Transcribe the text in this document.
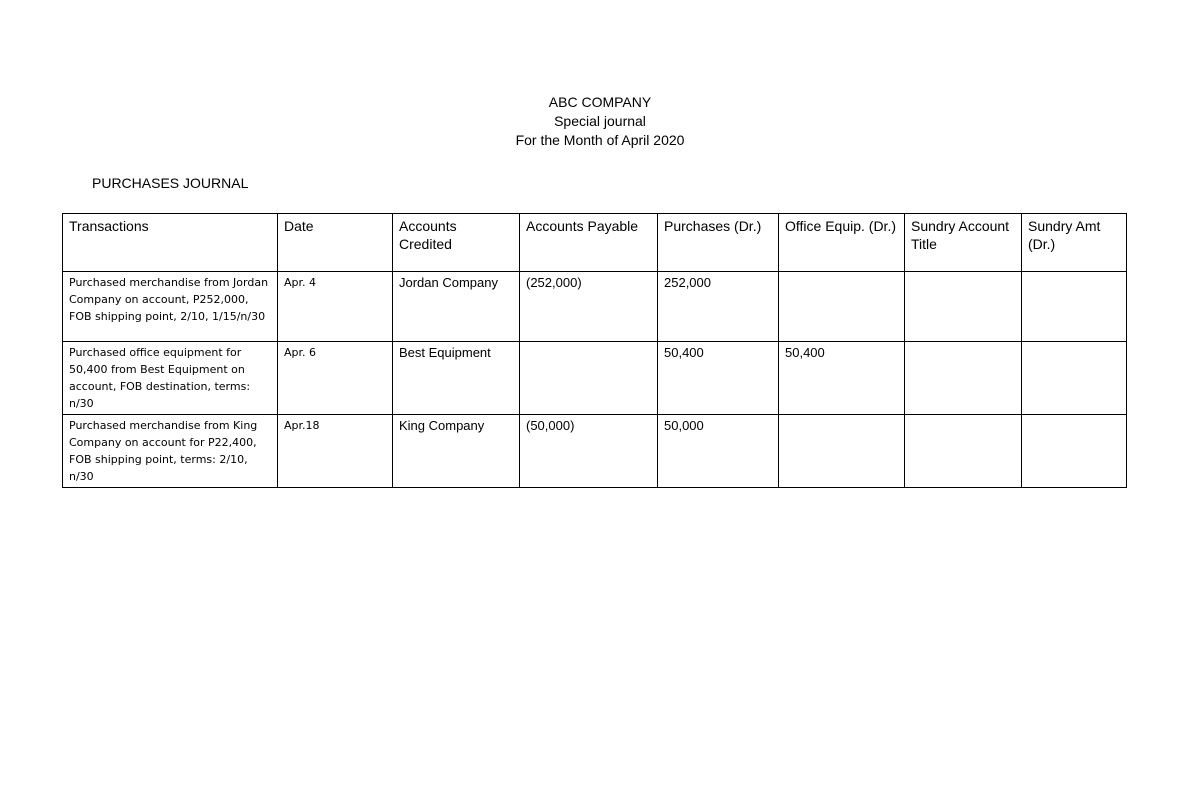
ABC COMPANY
Special journal
For the Month of April 2020
PURCHASES JOURNAL
Transactions	Date	Accounts Credited	Accounts Payable	Purchases (Dr.)	Office Equip. (Dr.)	Sundry Account Title	Sundry Amt (Dr.)
Purchased merchandise from Jordan Company on account, P252,000, FOB shipping point, 2/10, 1/15/n/30	Apr. 4	Jordan Company	(252,000)	252,000			
Purchased office equipment for 50,400 from Best Equipment on account, FOB destination, terms: n/30	Apr. 6	Best Equipment		50,400	50,400		
Purchased merchandise from King Company on account for P22,400, FOB shipping point, terms: 2/10, n/30	Apr.18	King Company	(50,000)	50,000			
